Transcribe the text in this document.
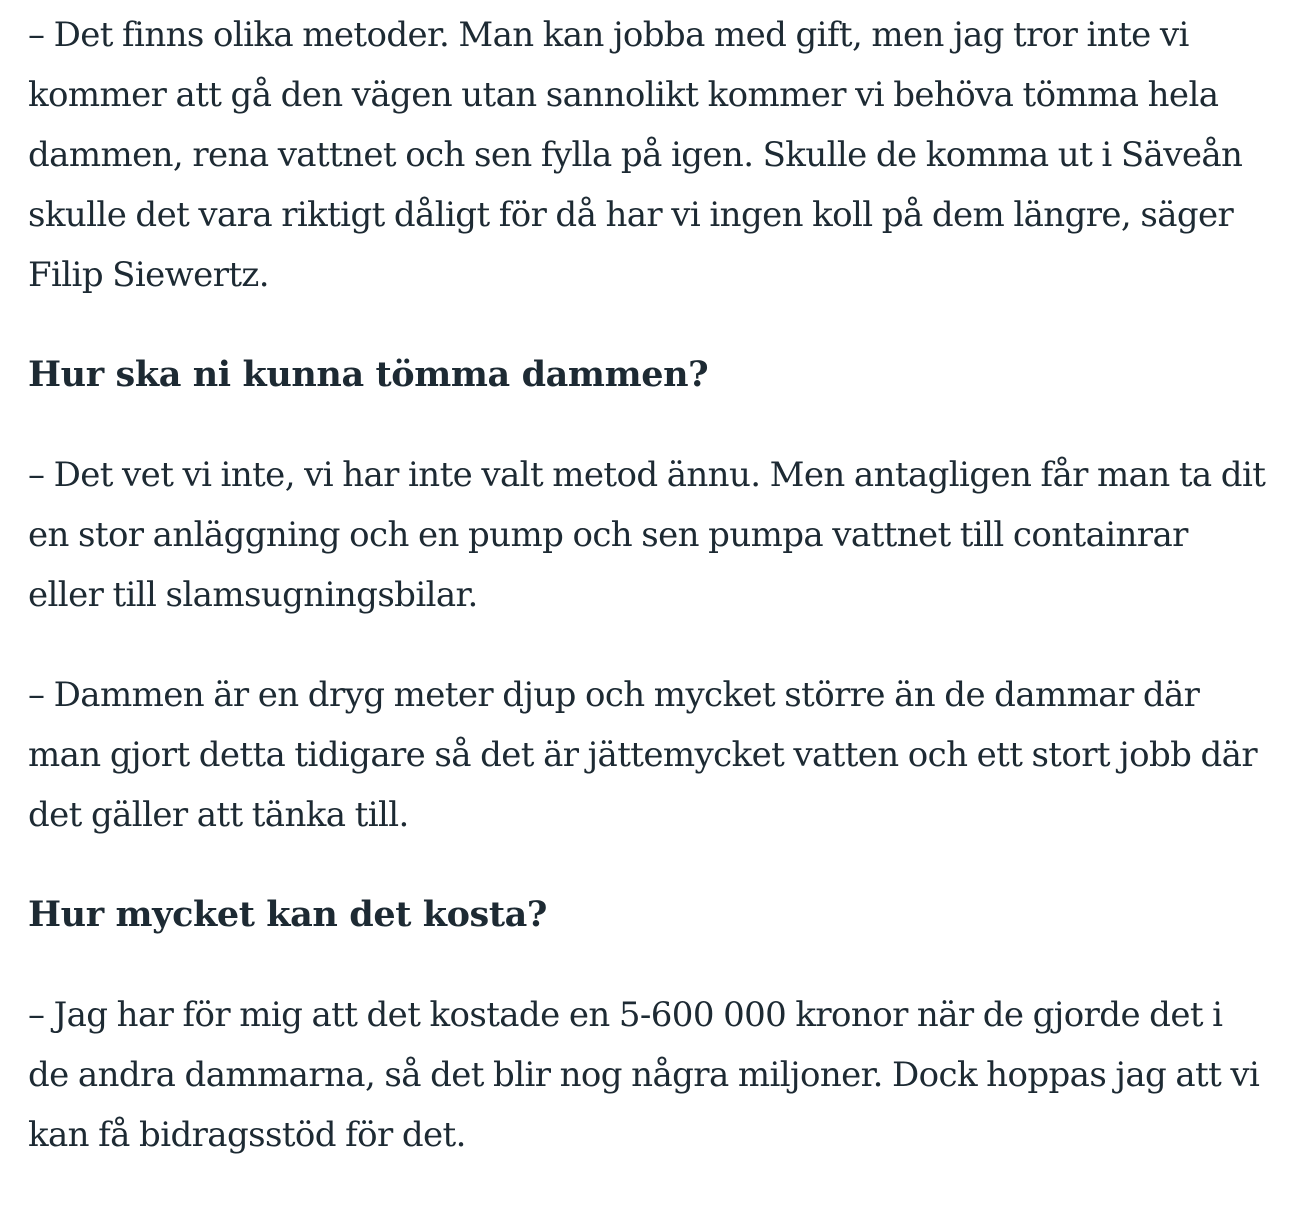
– Det finns olika metoder. Man kan jobba med gift, men jag tror inte vi kommer att gå den vägen utan sannolikt kommer vi behöva tömma hela dammen, rena vattnet och sen fylla på igen. Skulle de komma ut i Säveån skulle det vara riktigt dåligt för då har vi ingen koll på dem längre, säger Filip Siewertz.

Hur ska ni kunna tömma dammen?

– Det vet vi inte, vi har inte valt metod ännu. Men antagligen får man ta dit en stor anläggning och en pump och sen pumpa vattnet till containrar eller till slamsugningsbilar.

– Dammen är en dryg meter djup och mycket större än de dammar där man gjort detta tidigare så det är jättemycket vatten och ett stort jobb där det gäller att tänka till.

Hur mycket kan det kosta?

– Jag har för mig att det kostade en 5-600 000 kronor när de gjorde det i de andra dammarna, så det blir nog några miljoner. Dock hoppas jag att vi kan få bidragsstöd för det.
